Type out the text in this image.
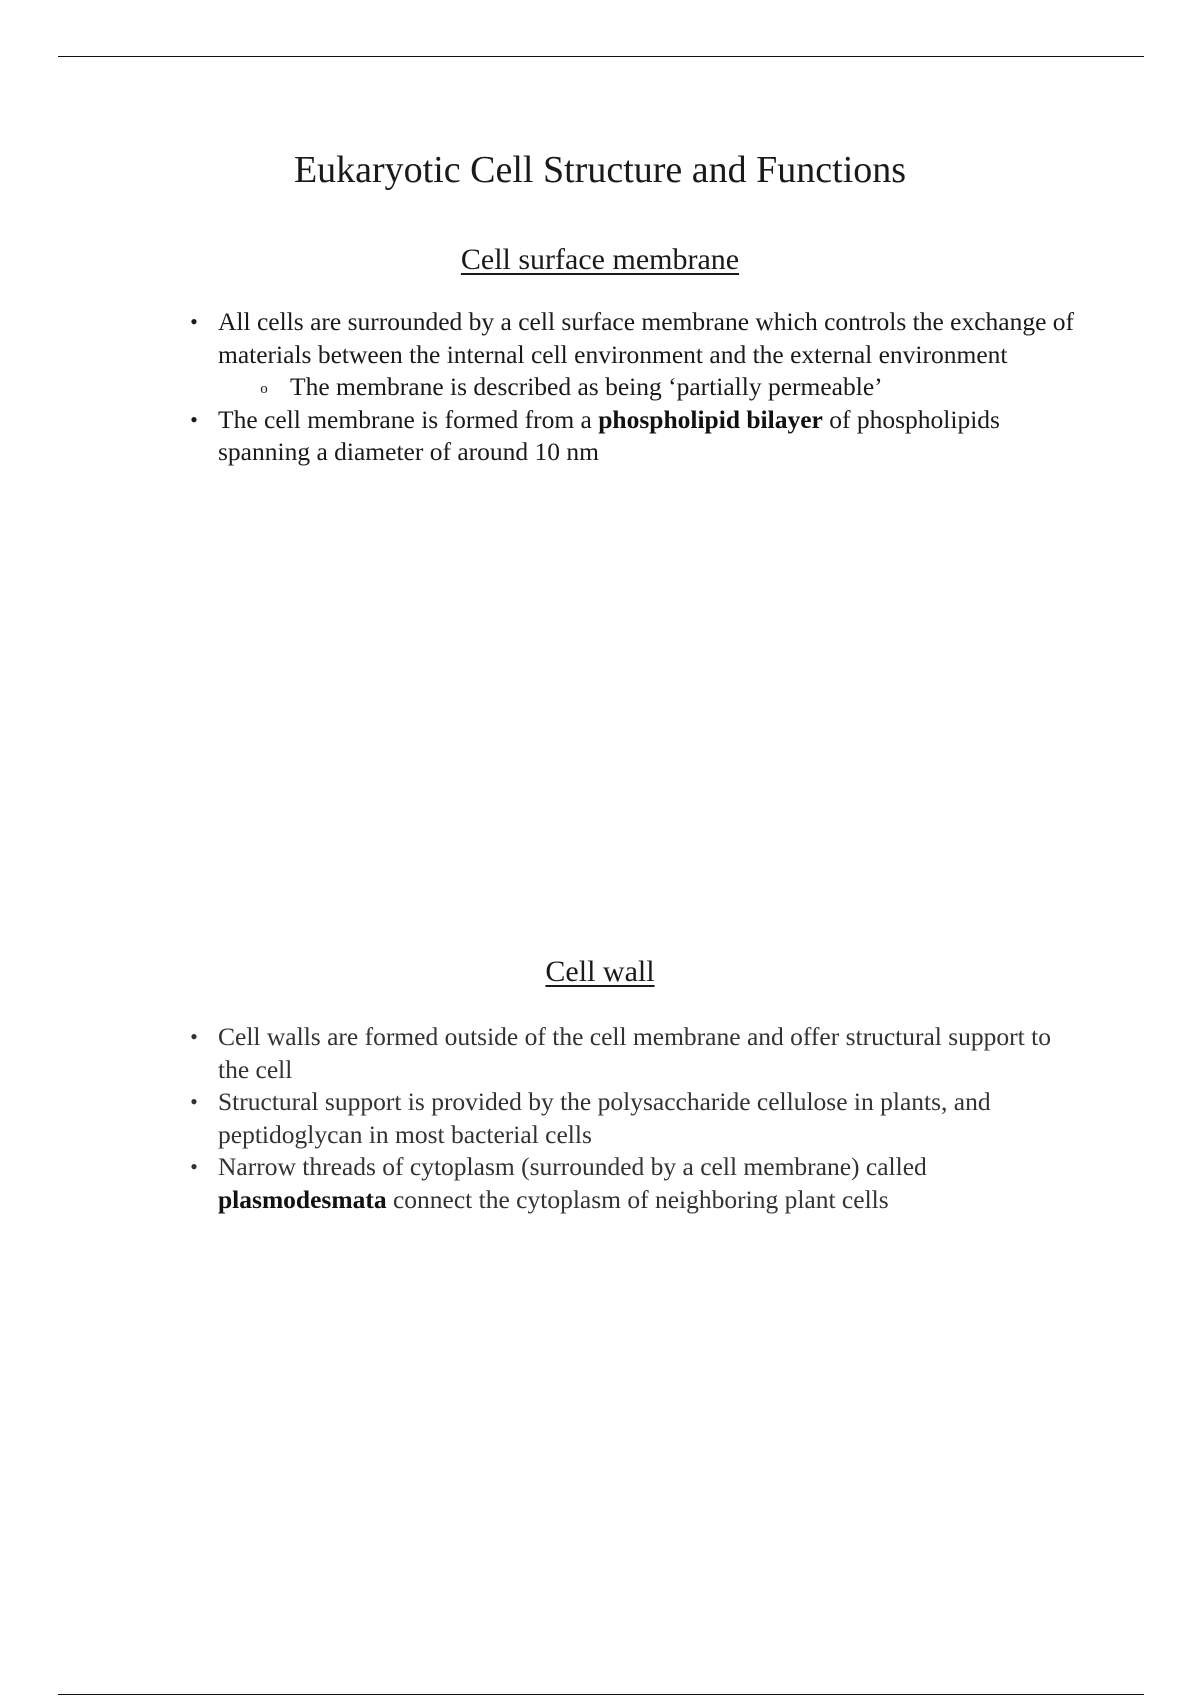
Eukaryotic Cell Structure and Functions
Cell surface membrane
• All cells are surrounded by a cell surface membrane which controls the exchange of materials between the internal cell environment and the external environment
o The membrane is described as being ‘partially permeable’
• The cell membrane is formed from a phospholipid bilayer of phospholipids spanning a diameter of around 10 nm
Cell wall
• Cell walls are formed outside of the cell membrane and offer structural support to the cell
• Structural support is provided by the polysaccharide cellulose in plants, and peptidoglycan in most bacterial cells
• Narrow threads of cytoplasm (surrounded by a cell membrane) called plasmodesmata connect the cytoplasm of neighboring plant cells
